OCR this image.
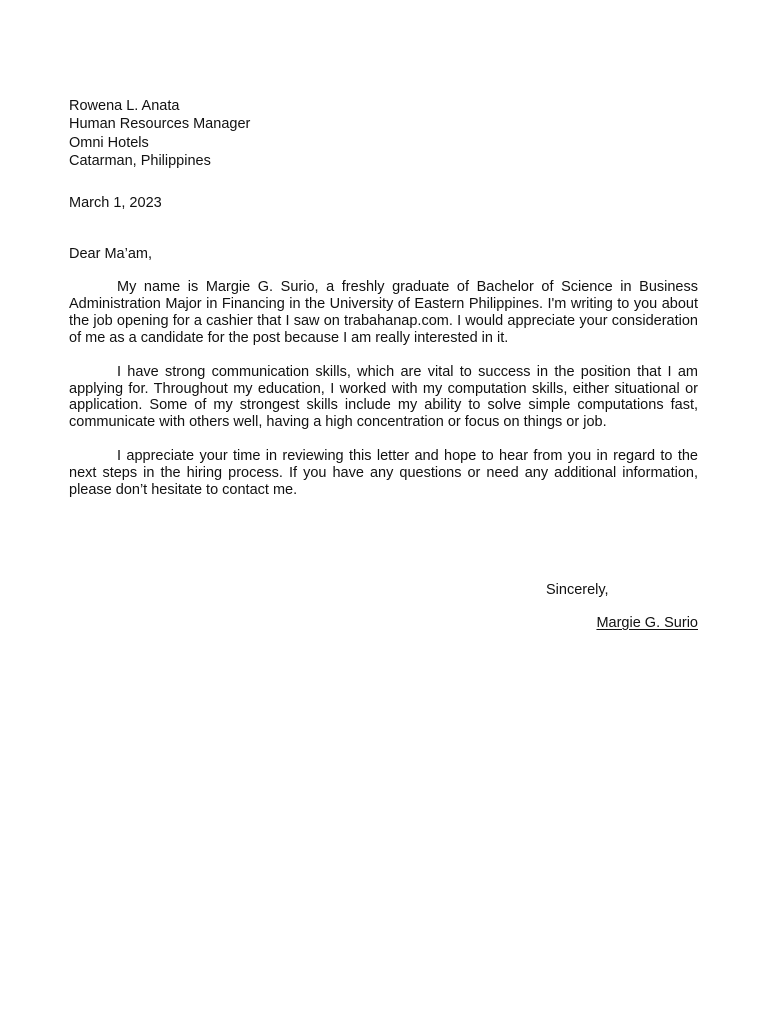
Rowena L. Anata
Human Resources Manager
Omni Hotels
Catarman, Philippines
March 1, 2023
Dear Ma’am,

My name is Margie G. Surio, a freshly graduate of Bachelor of Science in Business Administration Major in Financing in the University of Eastern Philippines. I'm writing to you about the job opening for a cashier that I saw on trabahanap.com. I would appreciate your consideration of me as a candidate for the post because I am really interested in it.

I have strong communication skills, which are vital to success in the position that I am applying for. Throughout my education, I worked with my computation skills, either situational or application. Some of my strongest skills include my ability to solve simple computations fast, communicate with others well, having a high concentration or focus on things or job.

I appreciate your time in reviewing this letter and hope to hear from you in regard to the next steps in the hiring process. If you have any questions or need any additional information, please don’t hesitate to contact me.

Sincerely,
Margie G. Surio
